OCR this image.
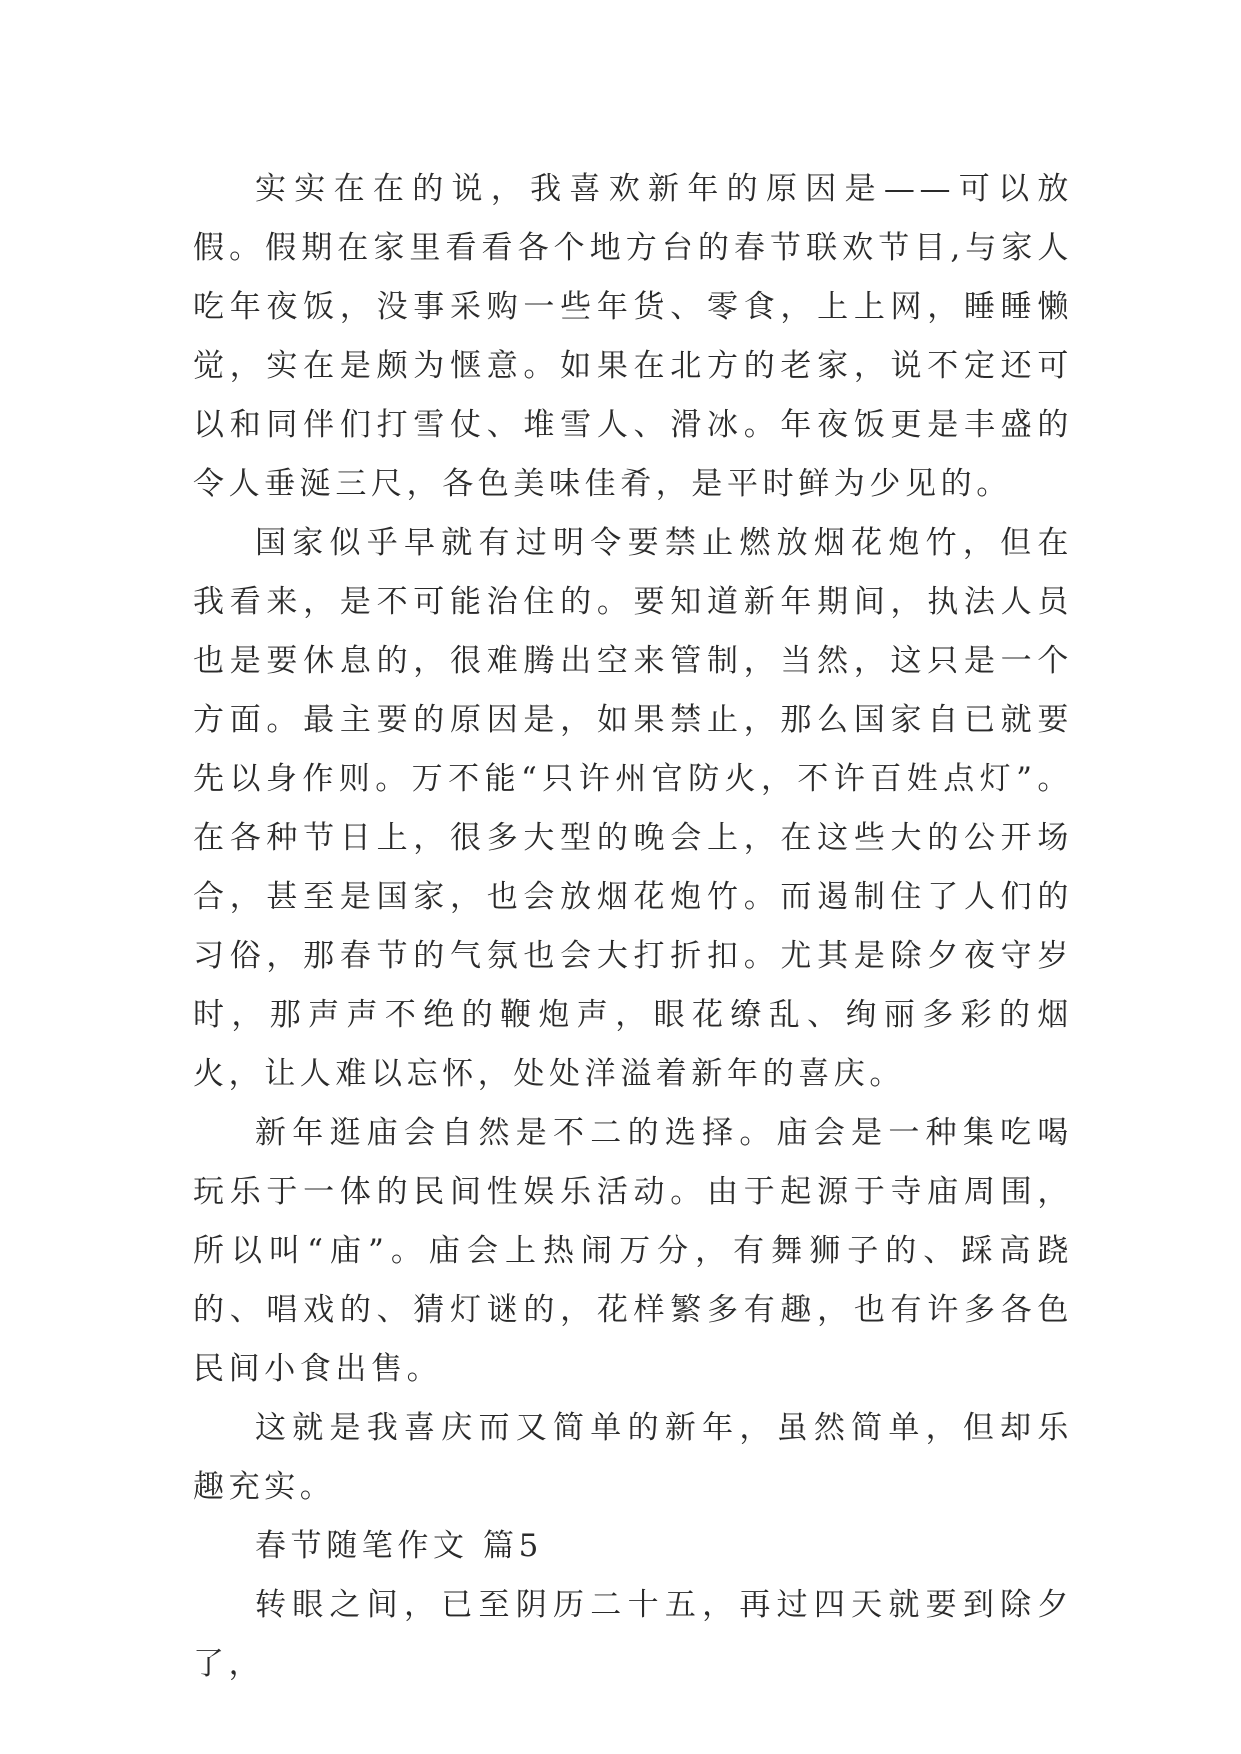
实实在在的说，我喜欢新年的原因是——可以放假。假期在家里看看各个地方台的春节联欢节目,与家人吃年夜饭，没事采购一些年货、零食，上上网，睡睡懒觉，实在是颇为惬意。如果在北方的老家，说不定还可以和同伴们打雪仗、堆雪人、滑冰。年夜饭更是丰盛的令人垂涎三尺，各色美味佳肴，是平时鲜为少见的。

国家似乎早就有过明令要禁止燃放烟花炮竹，但在我看来，是不可能治住的。要知道新年期间，执法人员也是要休息的，很难腾出空来管制，当然，这只是一个方面。最主要的原因是，如果禁止，那么国家自已就要先以身作则。万不能“只许州官防火，不许百姓点灯”。在各种节日上，很多大型的晚会上，在这些大的公开场合，甚至是国家，也会放烟花炮竹。而遏制住了人们的习俗，那春节的气氛也会大打折扣。尤其是除夕夜守岁时，那声声不绝的鞭炮声，眼花缭乱、绚丽多彩的烟火，让人难以忘怀，处处洋溢着新年的喜庆。

新年逛庙会自然是不二的选择。庙会是一种集吃喝玩乐于一体的民间性娱乐活动。由于起源于寺庙周围，所以叫“庙”。庙会上热闹万分，有舞狮子的、踩高跷的、唱戏的、猜灯谜的，花样繁多有趣，也有许多各色民间小食出售。

这就是我喜庆而又简单的新年，虽然简单，但却乐趣充实。

春节随笔作文 篇5

转眼之间，已至阴历二十五，再过四天就要到除夕了，
